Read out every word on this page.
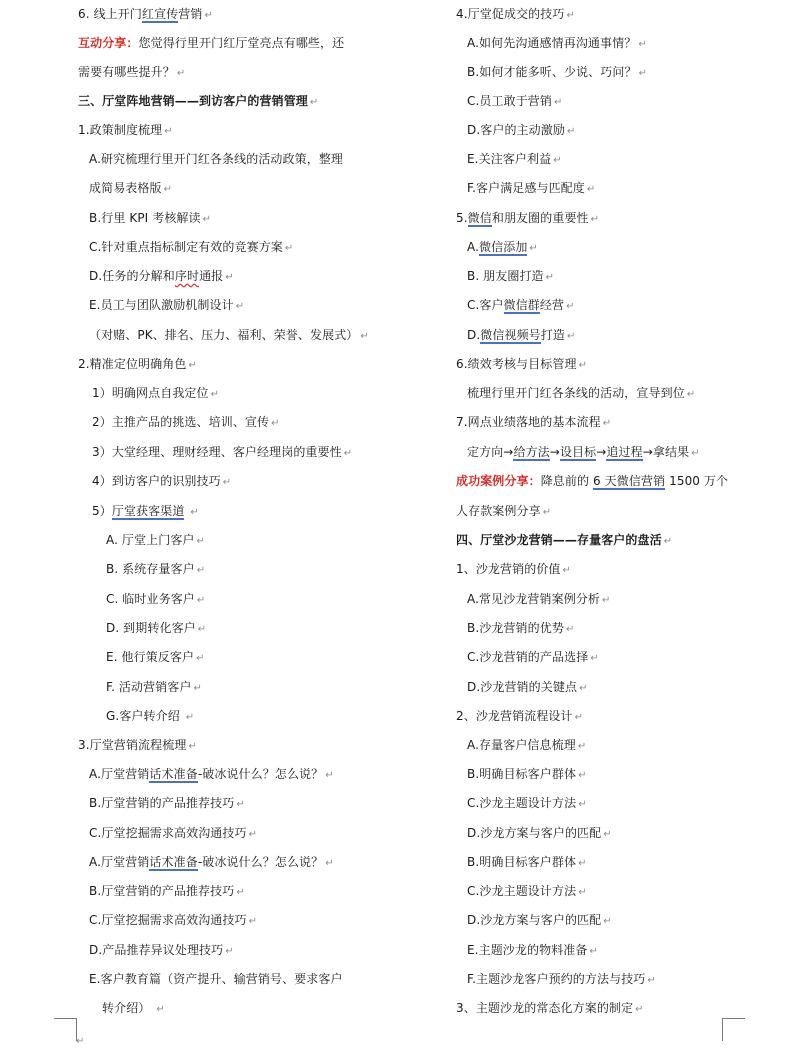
6. 线上开门红宣传营销 ↵
互动分享：您觉得行里开门红厅堂亮点有哪些，还
需要有哪些提升？ ↵
三、厅堂阵地营销——到访客户的营销管理 ↵
1.政策制度梳理 ↵
A.研究梳理行里开门红各条线的活动政策，整理
成简易表格版 ↵
B.行里 KPI 考核解读 ↵
C.针对重点指标制定有效的竞赛方案 ↵
D.任务的分解和序时通报 ↵
E.员工与团队激励机制设计 ↵
（对赌、PK、排名、压力、福利、荣誉、发展式） ↵
2.精准定位明确角色 ↵
1）明确网点自我定位 ↵
2）主推产品的挑选、培训、宣传 ↵
3）大堂经理、理财经理、客户经理岗的重要性 ↵
4）到访客户的识别技巧 ↵
5）厅堂获客渠道 ↵
A. 厅堂上门客户 ↵
B. 系统存量客户 ↵
C. 临时业务客户 ↵
D. 到期转化客户 ↵
E. 他行策反客户 ↵
F. 活动营销客户 ↵
G.客户转介绍 ↵
3.厅堂营销流程梳理 ↵
A.厅堂营销话术准备-破冰说什么？怎么说？ ↵
B.厅堂营销的产品推荐技巧 ↵
C.厅堂挖掘需求高效沟通技巧 ↵
A.厅堂营销话术准备-破冰说什么？怎么说？ ↵
B.厅堂营销的产品推荐技巧 ↵
C.厅堂挖掘需求高效沟通技巧 ↵
D.产品推荐异议处理技巧 ↵
E.客户教育篇（资产提升、输营销号、要求客户
转介绍） ↵
4.厅堂促成交的技巧 ↵
A.如何先沟通感情再沟通事情？ ↵
B.如何才能多听、少说、巧问？ ↵
C.员工敢于营销 ↵
D.客户的主动激励 ↵
E.关注客户利益 ↵
F.客户满足感与匹配度 ↵
5.微信和朋友圈的重要性 ↵
A.微信添加 ↵
B. 朋友圈打造 ↵
C.客户微信群经营 ↵
D.微信视频号打造 ↵
6.绩效考核与目标管理 ↵
梳理行里开门红各条线的活动，宣导到位 ↵
7.网点业绩落地的基本流程 ↵
定方向→给方法→设目标→追过程→拿结果 ↵
成功案例分享：降息前的 6 天微信营销 1500 万个
人存款案例分享 ↵
四、厅堂沙龙营销——存量客户的盘活 ↵
1、沙龙营销的价值 ↵
A.常见沙龙营销案例分析 ↵
B.沙龙营销的优势 ↵
C.沙龙营销的产品选择 ↵
D.沙龙营销的关键点 ↵
2、沙龙营销流程设计 ↵
A.存量客户信息梳理 ↵
B.明确目标客户群体 ↵
C.沙龙主题设计方法 ↵
D.沙龙方案与客户的匹配 ↵
B.明确目标客户群体 ↵
C.沙龙主题设计方法 ↵
D.沙龙方案与客户的匹配 ↵
E.主题沙龙的物料准备 ↵
F.主题沙龙客户预约的方法与技巧 ↵
3、主题沙龙的常态化方案的制定 ↵
↵
